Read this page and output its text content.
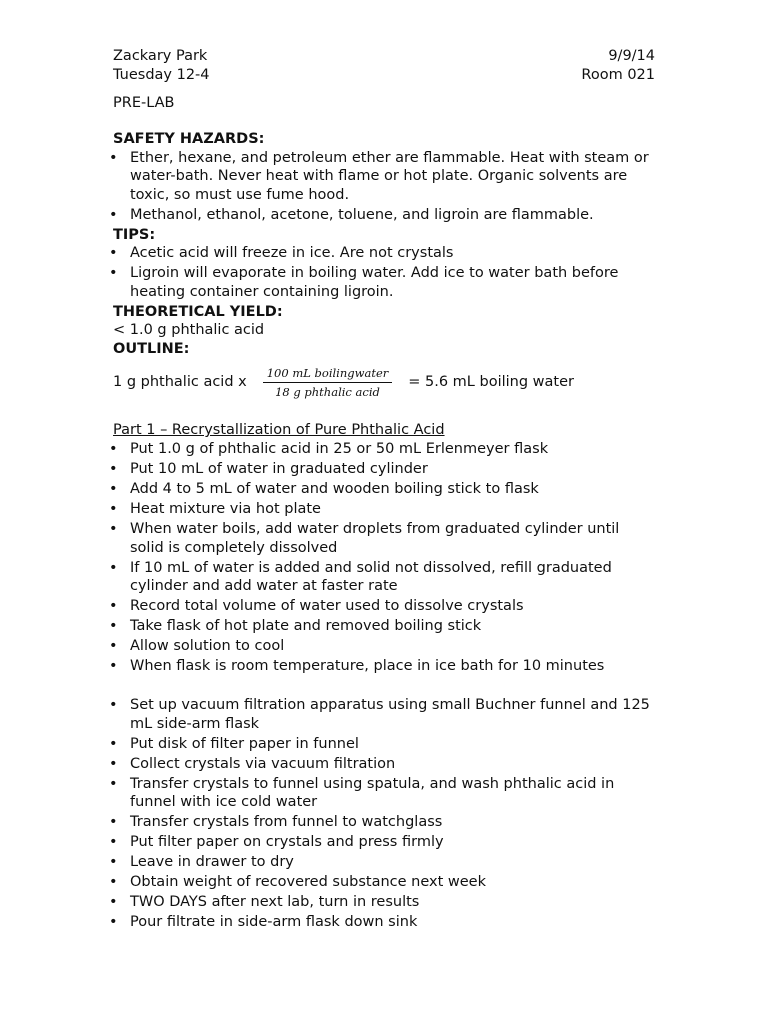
Zackary Park	9/9/14
Tuesday 12-4	Room 021
PRE-LAB
SAFETY HAZARDS:
• Ether, hexane, and petroleum ether are flammable. Heat with steam or water-bath. Never heat with flame or hot plate. Organic solvents are toxic, so must use fume hood.
• Methanol, ethanol, acetone, toluene, and ligroin are flammable.
TIPS:
• Acetic acid will freeze in ice. Are not crystals
• Ligroin will evaporate in boiling water. Add ice to water bath before heating container containing ligroin.
THEORETICAL YIELD:
< 1.0 g phthalic acid
OUTLINE:
1 g phthalic acid x $\frac{\text{100 mL boilingwater}}{\text{18 g phthalic acid}} = 5.6$ mL boiling water
Part 1 – Recrystallization of Pure Phthalic Acid
• Put 1.0 g of phthalic acid in 25 or 50 mL Erlenmeyer flask
• Put 10 mL of water in graduated cylinder
• Add 4 to 5 mL of water and wooden boiling stick to flask
• Heat mixture via hot plate
• When water boils, add water droplets from graduated cylinder until solid is completely dissolved
• If 10 mL of water is added and solid not dissolved, refill graduated cylinder and add water at faster rate
• Record total volume of water used to dissolve crystals
• Take flask of hot plate and removed boiling stick
• Allow solution to cool
• When flask is room temperature, place in ice bath for 10 minutes
• Set up vacuum filtration apparatus using small Buchner funnel and 125 mL side-arm flask
• Put disk of filter paper in funnel
• Collect crystals via vacuum filtration
• Transfer crystals to funnel using spatula, and wash phthalic acid in funnel with ice cold water
• Transfer crystals from funnel to watchglass
• Put filter paper on crystals and press firmly
• Leave in drawer to dry
• Obtain weight of recovered substance next week
• TWO DAYS after next lab, turn in results
• Pour filtrate in side-arm flask down sink
